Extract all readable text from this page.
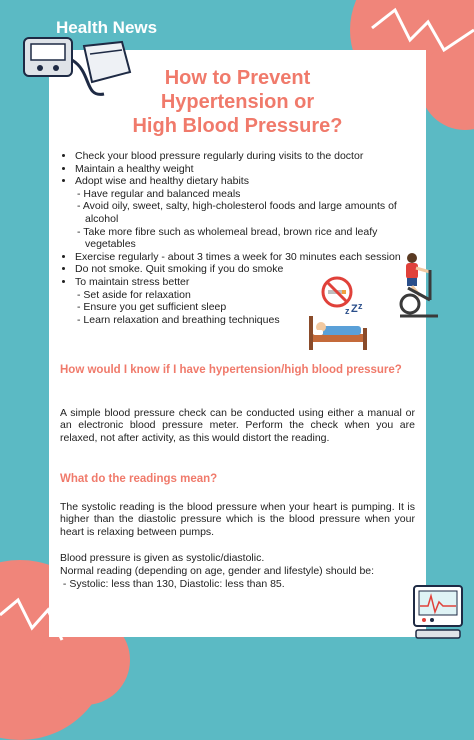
How to Prevent
Hypertension or
High Blood Pressure?
• Check your blood pressure regularly during visits to the doctor
• Maintain a healthy weight
• Adopt wise and healthy dietary habits
- Have regular and balanced meals
- Avoid oily, sweet, salty, high-cholesterol foods and large amounts of alcohol
- Take more fibre such as wholemeal bread, brown rice and leafy vegetables
• Exercise regularly - about 3 times a week for 30 minutes each session
• Do not smoke. Quit smoking if you do smoke
• To maintain stress better
- Set aside for relaxation
- Ensure you get sufficient sleep
- Learn relaxation and breathing techniques
z Z z
How would I know if I have hypertension/high blood pressure?

A simple blood pressure check can be conducted using either a manual or an electronic blood pressure meter. Perform the check when you are relaxed, not after activity, as this would distort the reading.

What do the readings mean?

The systolic reading is the blood pressure when your heart is pumping. It is higher than the diastolic pressure which is the blood pressure when your heart is relaxing between pumps.

Blood pressure is given as systolic/diastolic.

Normal reading (depending on age, gender and lifestyle) should be:

- Systolic: less than 130, Diastolic: less than 85.

Health News
